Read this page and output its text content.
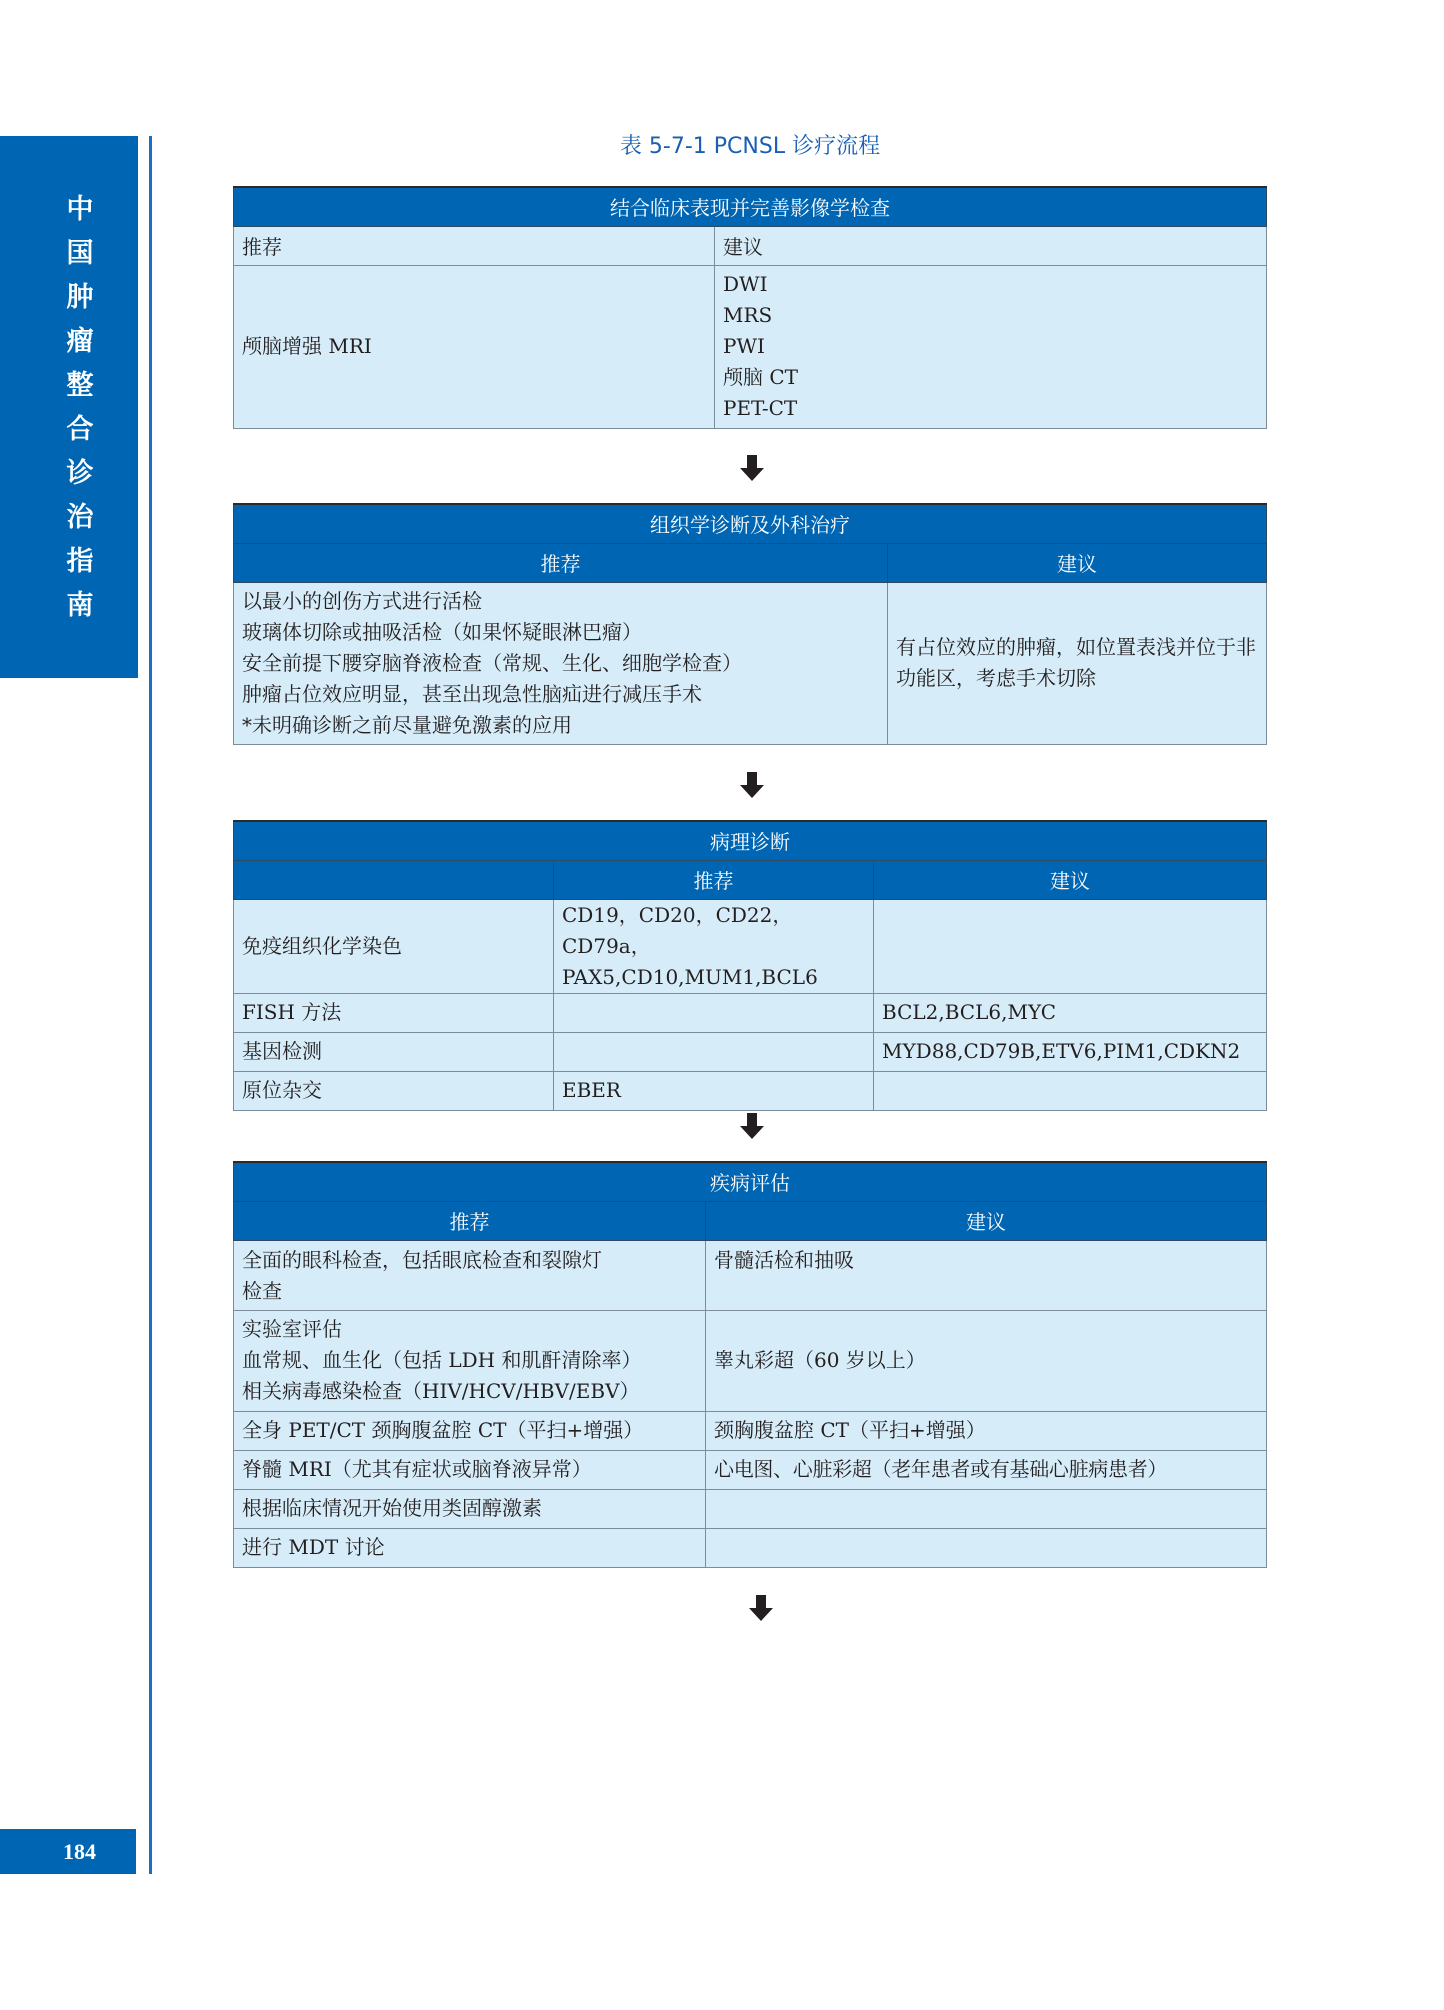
中
国
肿
瘤
整
合
诊
治
指
南
184
表 5-7-1 PCNSL 诊疗流程
结合临床表现并完善影像学检查	
推荐	建议

颅脑增强 MRI	DWI
MRS
PWI
颅脑 CT
PET-CT
组织学诊断及外科治疗	
推荐	建议

以最小的创伤方式进行活检
玻璃体切除或抽吸活检（如果怀疑眼淋巴瘤）
安全前提下腰穿脑脊液检查（常规、生化、细胞学检查）
肿瘤占位效应明显，甚至出现急性脑疝进行减压手术
*未明确诊断之前尽量避免激素的应用	有占位效应的肿瘤，如位置表浅并位于非功能区，考虑手术切除
病理诊断		
	推荐	建议
免疫组织化学染色	CD19，CD20，CD22，CD79a，
PAX5,CD10,MUM1,BCL6	

FISH 方法		BCL2,BCL6,MYC
基因检测		MYD88,CD79B,ETV6,PIM1,CDKN2
原位杂交	EBER	
疾病评估	
推荐	建议

全面的眼科检查，包括眼底检查和裂隙灯
检查	骨髓活检和抽吸

实验室评估
血常规、血生化（包括 LDH 和肌酐清除率）
相关病毒感染检查（HIV/HCV/HBV/EBV）	睾丸彩超（60 岁以上）

全身 PET/CT 颈胸腹盆腔 CT（平扫+增强）	颈胸腹盆腔 CT（平扫+增强）
脊髓 MRI（尤其有症状或脑脊液异常）	心电图、心脏彩超（老年患者或有基础心脏病患者）
根据临床情况开始使用类固醇激素	
进行 MDT 讨论	
